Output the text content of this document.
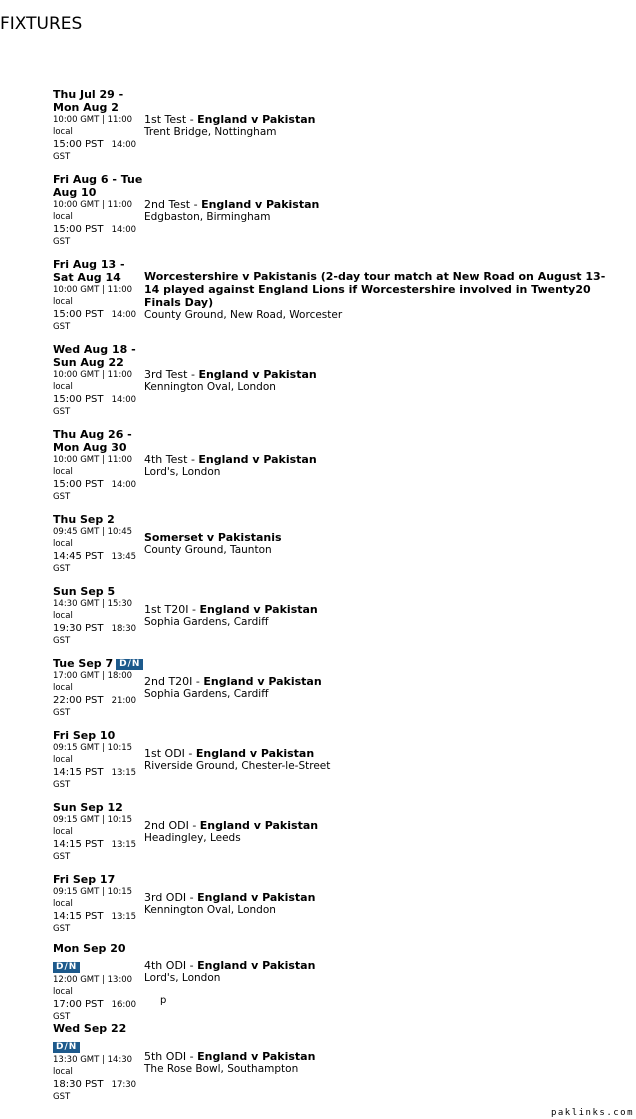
FIXTURES
Thu Jul 29 - Mon Aug 2
10:00 GMT | 11:00
local
15:00 PST 14:00
GST
1st Test - England v Pakistan
Trent Bridge, Nottingham
Fri Aug 6 - Tue Aug 10
10:00 GMT | 11:00
local
15:00 PST 14:00
GST
2nd Test - England v Pakistan
Edgbaston, Birmingham
Fri Aug 13 - Sat Aug 14
10:00 GMT | 11:00
local
15:00 PST 14:00
GST
Worcestershire v Pakistanis (2-day tour match at New Road on August 13-14 played against England Lions if Worcestershire involved in Twenty20 Finals Day)
County Ground, New Road, Worcester
Wed Aug 18 - Sun Aug 22
10:00 GMT | 11:00
local
15:00 PST 14:00
GST
3rd Test - England v Pakistan
Kennington Oval, London
Thu Aug 26 - Mon Aug 30
10:00 GMT | 11:00
local
15:00 PST 14:00
GST
4th Test - England v Pakistan
Lord's, London
Thu Sep 2
09:45 GMT | 10:45
local
14:45 PST 13:45
GST
Somerset v Pakistanis
County Ground, Taunton
Sun Sep 5
14:30 GMT | 15:30
local
19:30 PST 18:30
GST
1st T20I - England v Pakistan
Sophia Gardens, Cardiff
Tue Sep 7 D/N
17:00 GMT | 18:00
local
22:00 PST 21:00
GST
2nd T20I - England v Pakistan
Sophia Gardens, Cardiff
Fri Sep 10
09:15 GMT | 10:15
local
14:15 PST 13:15
GST
1st ODI - England v Pakistan
Riverside Ground, Chester-le-Street
Sun Sep 12
09:15 GMT | 10:15
local
14:15 PST 13:15
GST
2nd ODI - England v Pakistan
Headingley, Leeds
Fri Sep 17
09:15 GMT | 10:15
local
14:15 PST 13:15
GST
3rd ODI - England v Pakistan
Kennington Oval, London
Mon Sep 20
D/N
12:00 GMT | 13:00
local
17:00 PST 16:00
GST
4th ODI - England v Pakistan
Lord's, London
p
Wed Sep 22
D/N
13:30 GMT | 14:30
local
18:30 PST 17:30
GST
5th ODI - England v Pakistan
The Rose Bowl, Southampton
paklinks.com
